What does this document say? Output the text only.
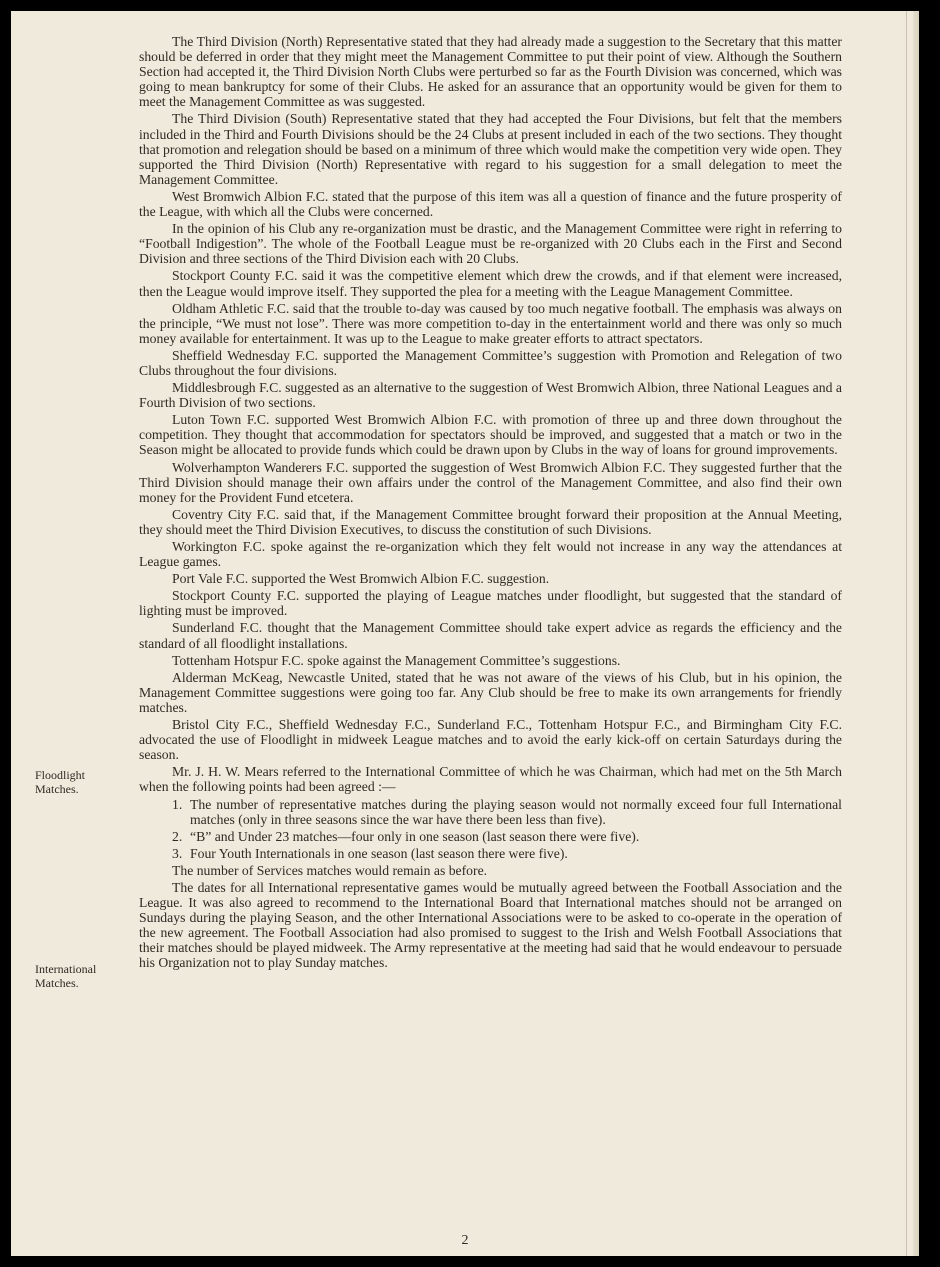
Floodlight
Matches.
International
Matches.

The Third Division (North) Representative stated that they had already made a suggestion to the Secretary that this matter should be deferred in order that they might meet the Management Committee to put their point of view. Although the Southern Section had accepted it, the Third Division North Clubs were perturbed so far as the Fourth Division was concerned, which was going to mean bankruptcy for some of their Clubs. He asked for an assurance that an opportunity would be given for them to meet the Management Committee as was suggested.

The Third Division (South) Representative stated that they had accepted the Four Divisions, but felt that the members included in the Third and Fourth Divisions should be the 24 Clubs at present included in each of the two sections. They thought that promotion and relegation should be based on a minimum of three which would make the competition very wide open. They supported the Third Division (North) Representative with regard to his suggestion for a small delegation to meet the Management Committee.

West Bromwich Albion F.C. stated that the purpose of this item was all a question of finance and the future prosperity of the League, with which all the Clubs were concerned.

In the opinion of his Club any re-organization must be drastic, and the Management Committee were right in referring to “Football Indigestion”. The whole of the Football League must be re-organized with 20 Clubs each in the First and Second Division and three sections of the Third Division each with 20 Clubs.

Stockport County F.C. said it was the competitive element which drew the crowds, and if that element were increased, then the League would improve itself. They supported the plea for a meeting with the League Management Committee.

Oldham Athletic F.C. said that the trouble to-day was caused by too much negative football. The emphasis was always on the principle, “We must not lose”. There was more competition to-day in the entertainment world and there was only so much money available for entertainment. It was up to the League to make greater efforts to attract spectators.

Sheffield Wednesday F.C. supported the Management Committee’s suggestion with Promotion and Relegation of two Clubs throughout the four divisions.

Middlesbrough F.C. suggested as an alternative to the suggestion of West Bromwich Albion, three National Leagues and a Fourth Division of two sections.

Luton Town F.C. supported West Bromwich Albion F.C. with promotion of three up and three down throughout the competition. They thought that accommodation for spectators should be improved, and suggested that a match or two in the Season might be allocated to provide funds which could be drawn upon by Clubs in the way of loans for ground improvements.

Wolverhampton Wanderers F.C. supported the suggestion of West Bromwich Albion F.C. They suggested further that the Third Division should manage their own affairs under the control of the Management Committee, and also find their own money for the Provident Fund etcetera.

Coventry City F.C. said that, if the Management Committee brought forward their proposition at the Annual Meeting, they should meet the Third Division Executives, to discuss the constitution of such Divisions.

Workington F.C. spoke against the re-organization which they felt would not increase in any way the attendances at League games.

Port Vale F.C. supported the West Bromwich Albion F.C. suggestion.

Stockport County F.C. supported the playing of League matches under floodlight, but suggested that the standard of lighting must be improved.

Sunderland F.C. thought that the Management Committee should take expert advice as regards the efficiency and the standard of all floodlight installations.

Tottenham Hotspur F.C. spoke against the Management Committee’s suggestions.

Alderman McKeag, Newcastle United, stated that he was not aware of the views of his Club, but in his opinion, the Management Committee suggestions were going too far. Any Club should be free to make its own arrangements for friendly matches.

Bristol City F.C., Sheffield Wednesday F.C., Sunderland F.C., Tottenham Hotspur F.C., and Birmingham City F.C. advocated the use of Floodlight in midweek League matches and to avoid the early kick-off on certain Saturdays during the season.

Mr. J. H. W. Mears referred to the International Committee of which he was Chairman, which had met on the 5th March when the following points had been agreed :—

1. The number of representative matches during the playing season would not normally exceed four full International matches (only in three seasons since the war have there been less than five).

2. “B” and Under 23 matches—four only in one season (last season there were five).

3. Four Youth Internationals in one season (last season there were five).

The number of Services matches would remain as before.

The dates for all International representative games would be mutually agreed between the Football Association and the League. It was also agreed to recommend to the International Board that International matches should not be arranged on Sundays during the playing Season, and the other International Associations were to be asked to co-operate in the operation of the new agreement. The Football Association had also promised to suggest to the Irish and Welsh Football Associations that their matches should be played midweek. The Army representative at the meeting had said that he would endeavour to persuade his Organization not to play Sunday matches.

2
